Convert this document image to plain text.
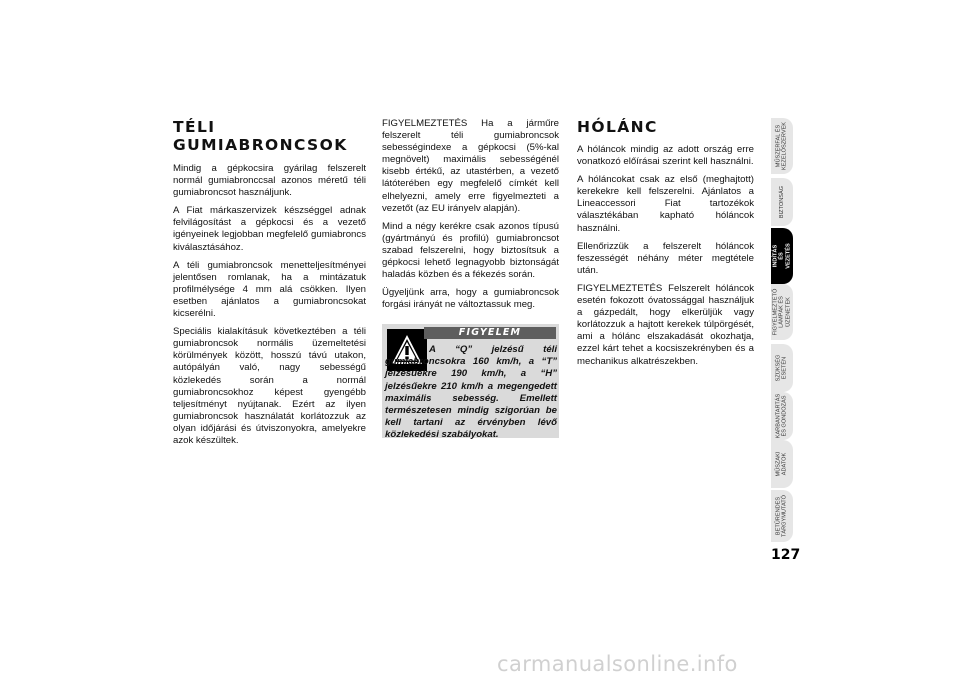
TÉLI
GUMIABRONCSOK

Mindig a gépkocsira gyárilag felszerelt normál gumiabronccsal azonos méretű téli gumiabroncsot használjunk.

A Fiat márkaszervizek készséggel adnak felvilágosítást a gépkocsi és a vezető igényeinek legjobban megfelelő gumiabroncs kiválasztásához.

A téli gumiabroncsok menetteljesítményei jelentősen romlanak, ha a mintázatuk profilmélysége 4 mm alá csökken. Ilyen esetben ajánlatos a gumiabroncsokat kicserélni.

Speciális kialakításuk következtében a téli gumiabroncsok normális üzemeltetési körülmények között, hosszú távú utakon, autópályán való, nagy sebességű közlekedés során a normál gumiabroncsokhoz képest gyengébb teljesítményt nyújtanak. Ezért az ilyen gumiabroncsok használatát korlátozzuk az olyan időjárási és útviszonyokra, amelyekre azok készültek.

FIGYELMEZTETÉS Ha a járműre felszerelt téli gumiabroncsok sebességindexe a gépkocsi (5%-kal megnövelt) maximális sebességénél kisebb értékű, az utastérben, a vezető látóterében egy megfelelő címkét kell elhelyezni, amely erre figyelmezteti a vezetőt (az EU irányelv alapján).

Mind a négy kerékre csak azonos típusú (gyártmányú és profilú) gumiabroncsot szabad felszerelni, hogy biztosítsuk a gépkocsi lehető legnagyobb biztonságát haladás közben és a fékezés során.

Ügyeljünk arra, hogy a gumiabroncsok forgási irányát ne változtassuk meg.

FIGYELEM
A “Q” jelzésű téli gumiabroncsokra 160 km/h, a “T” jelzésűekre 190 km/h, a “H” jelzésűekre 210 km/h a megengedett maximális sebesség. Emellett természetesen mindig szigorúan be kell tartani az érvényben lévő közlekedési szabályokat.
HÓLÁNC

A hóláncok mindig az adott ország erre vonatkozó előírásai szerint kell használni.

A hóláncokat csak az első (meghajtott) kerekekre kell felszerelni. Ajánlatos a Lineaccessori Fiat tartozékok választékában kapható hóláncok használni.

Ellenőrizzük a felszerelt hóláncok feszességét néhány méter megtétele után.

FIGYELMEZTETÉS Felszerelt hóláncok esetén fokozott óvatossággal használjuk a gázpedált, hogy elkerüljük vagy korlátozzuk a hajtott kerekek túlpörgését, ami a hólánc elszakadását okozhatja, ezzel kárt tehet a kocsiszekrényben és a mechanikus alkatrészekben.

MŰSZERFAL ÉS
KEZELŐSZERVEK
BIZTONSÁG
INDÍTÁS ÉS
VEZETÉS
FIGYELMEZTETŐ
LÁMPÁK ÉS
ÜZENETEK
SZÜKSÉG
ESETÉN
KARBANTARTÁS
ÉS GONDOZÁS
MŰSZAKI
ADATOK
BETŰRENDES
TÁRGYMUTATÓ
127
carmanualsonline.info
